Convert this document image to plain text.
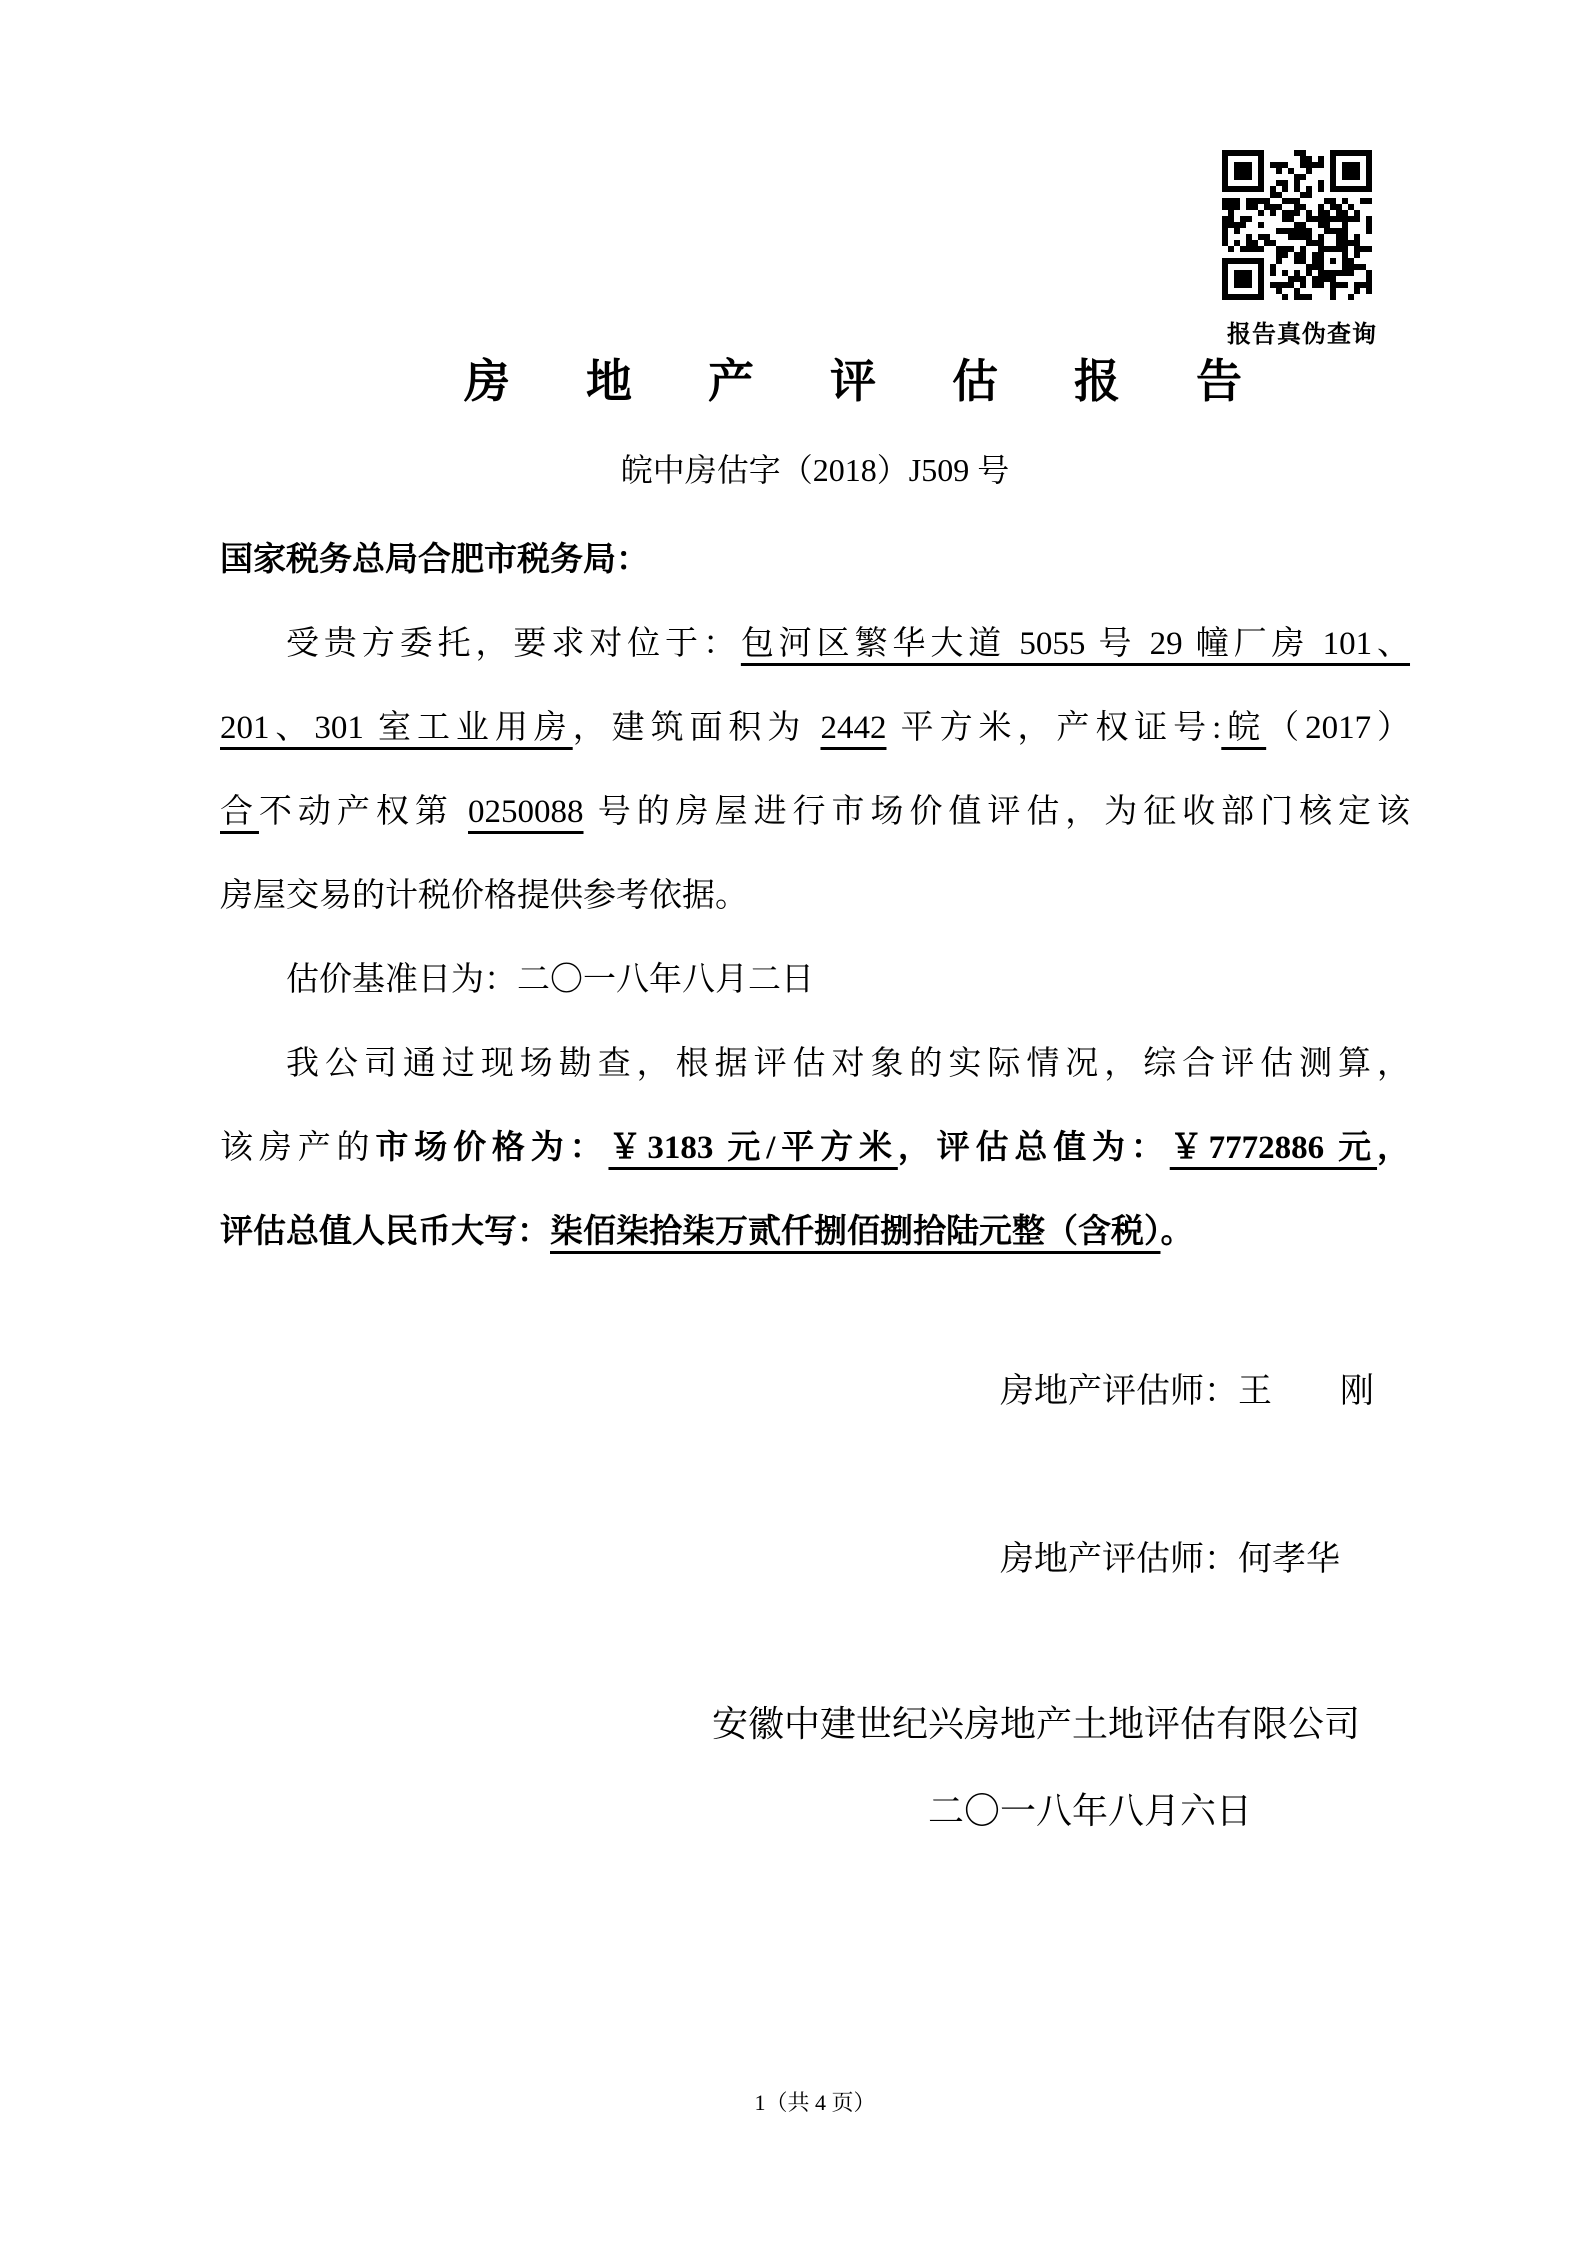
报告真伪查询
房地产评估报告
皖中房估字（2018）J509 号
国家税务总局合肥市税务局：
受贵方委托，要求对位于：包河区繁华大道 5055 号 29 幢厂房 101、
201、301 室工业用房，建筑面积为 2442 平方米，产权证号:皖（2017）
合不动产权第 0250088 号的房屋进行市场价值评估，为征收部门核定该
房屋交易的计税价格提供参考依据。
估价基准日为：二〇一八年八月二日
我公司通过现场勘查，根据评估对象的实际情况，综合评估测算，
该房产的市场价格为：￥3183 元/平方米，评估总值为：￥7772886 元，
评估总值人民币大写：柒佰柒拾柒万贰仟捌佰捌拾陆元整（含税）。
房地产评估师：王　　刚
房地产评估师：何孝华
安徽中建世纪兴房地产土地评估有限公司
二〇一八年八月六日
1（共 4 页）
